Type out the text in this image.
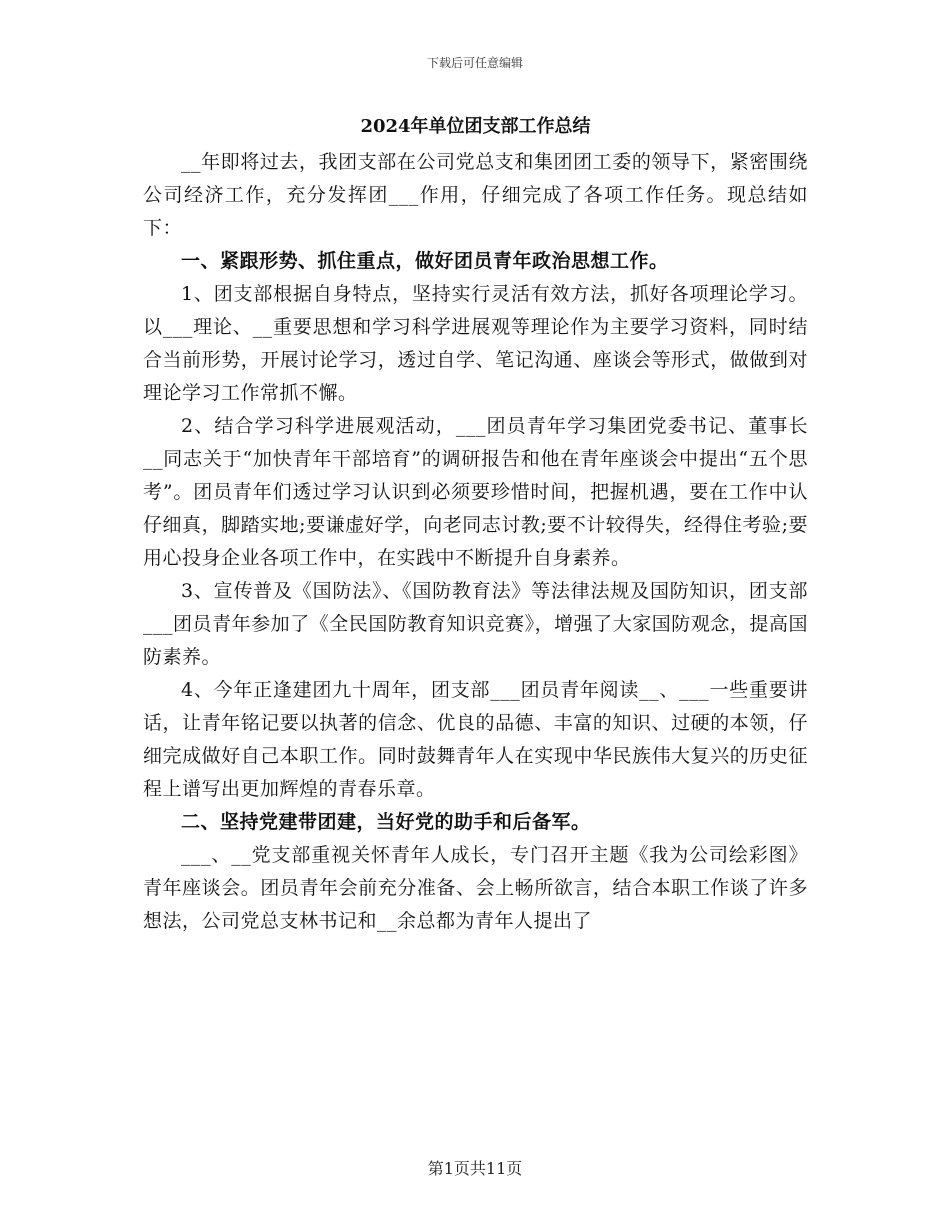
下载后可任意编辑

2024年单位团支部工作总结

__年即将过去，我团支部在公司党总支和集团团工委的领导下，紧密围绕公司经济工作，充分发挥团___作用，仔细完成了各项工作任务。现总结如下：

一、紧跟形势、抓住重点，做好团员青年政治思想工作。

1、团支部根据自身特点，坚持实行灵活有效方法，抓好各项理论学习。以___理论、__重要思想和学习科学进展观等理论作为主要学习资料，同时结合当前形势，开展讨论学习，透过自学、笔记沟通、座谈会等形式，做做到对理论学习工作常抓不懈。

2、结合学习科学进展观活动，___团员青年学习集团党委书记、董事长__同志关于“加快青年干部培育”的调研报告和他在青年座谈会中提出“五个思考”。团员青年们透过学习认识到必须要珍惜时间，把握机遇，要在工作中认仔细真，脚踏实地;要谦虚好学，向老同志讨教;要不计较得失，经得住考验;要用心投身企业各项工作中，在实践中不断提升自身素养。

3、宣传普及《国防法》、《国防教育法》等法律法规及国防知识，团支部___团员青年参加了《全民国防教育知识竞赛》，增强了大家国防观念，提高国防素养。

4、今年正逢建团九十周年，团支部___团员青年阅读__、___一些重要讲话，让青年铭记要以执著的信念、优良的品德、丰富的知识、过硬的本领，仔细完成做好自己本职工作。同时鼓舞青年人在实现中华民族伟大复兴的历史征程上谱写出更加辉煌的青春乐章。

二、坚持党建带团建，当好党的助手和后备军。

___、__党支部重视关怀青年人成长，专门召开主题《我为公司绘彩图》青年座谈会。团员青年会前充分准备、会上畅所欲言，结合本职工作谈了许多想法，公司党总支林书记和__余总都为青年人提出了

第1页共11页
